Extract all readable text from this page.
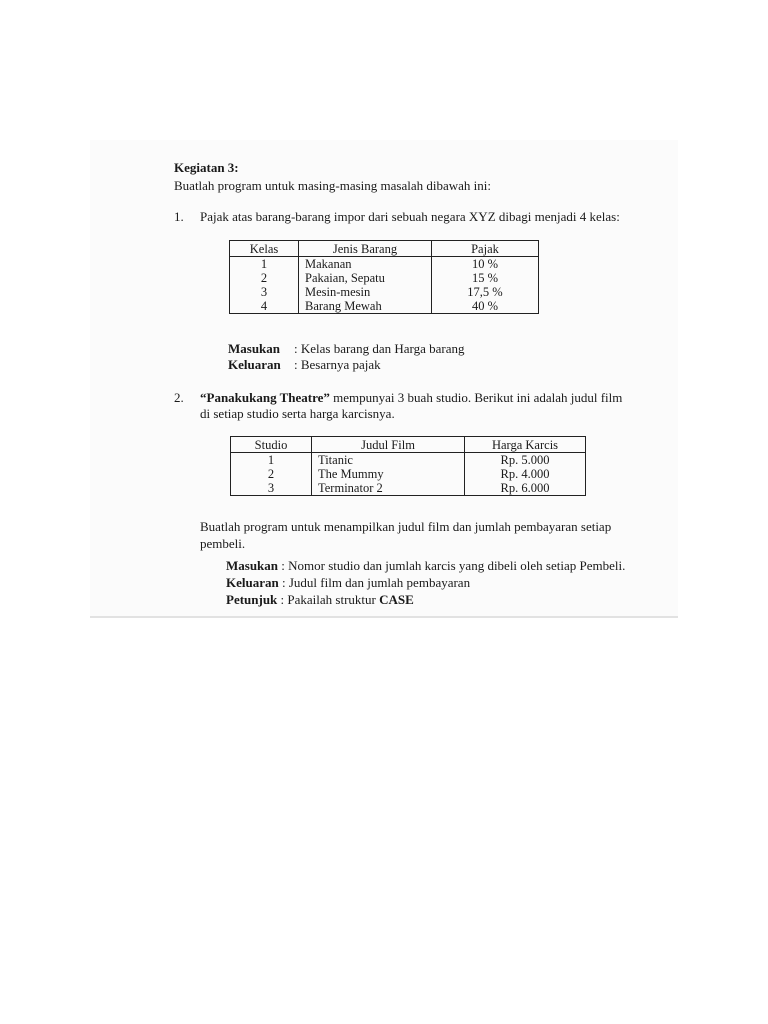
Kegiatan 3:
Buatlah program untuk masing-masing masalah dibawah ini:
1. Pajak atas barang-barang impor dari sebuah negara XYZ dibagi menjadi 4 kelas:
Kelas	Jenis Barang	Pajak
1	Makanan	10 %
2	Pakaian, Sepatu	15 %
3	Mesin-mesin	17,5 %
4	Barang Mewah	40 %
Masukan : Kelas barang dan Harga barang
Keluaran : Besarnya pajak
2. “Panakukang Theatre” mempunyai 3 buah studio. Berikut ini adalah judul film
di setiap studio serta harga karcisnya.
Studio	Judul Film	Harga Karcis
1	Titanic	Rp. 5.000
2	The Mummy	Rp. 4.000
3	Terminator 2	Rp. 6.000
Buatlah program untuk menampilkan judul film dan jumlah pembayaran setiap
pembeli.
Masukan : Nomor studio dan jumlah karcis yang dibeli oleh setiap Pembeli.
Keluaran : Judul film dan jumlah pembayaran
Petunjuk : Pakailah struktur CASE
